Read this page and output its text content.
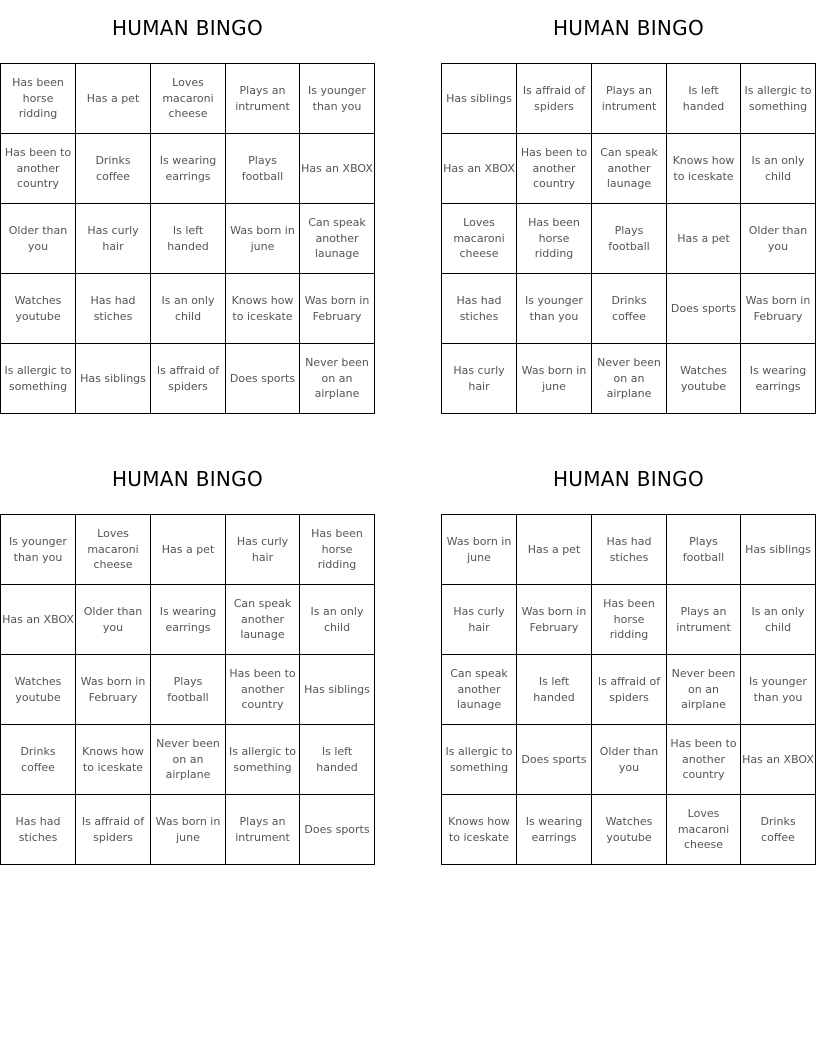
HUMAN BINGO
Has been horse ridding
Has a pet
Loves macaroni cheese
Plays an intrument
Is younger than you
Has been to another country
Drinks coffee
Is wearing earrings
Plays football
Has an XBOX
Older than you
Has curly hair
Is left handed
Was born in june
Can speak another launage
Watches youtube
Has had stiches
Is an only child
Knows how to iceskate
Was born in February
Is allergic to something
Has siblings
Is affraid of spiders
Does sports
Never been on an airplane
HUMAN BINGO
Has siblings
Is affraid of spiders
Plays an intrument
Is left handed
Is allergic to something
Has an XBOX
Has been to another country
Can speak another launage
Knows how to iceskate
Is an only child
Loves macaroni cheese
Has been horse ridding
Plays football
Has a pet
Older than you
Has had stiches
Is younger than you
Drinks coffee
Does sports
Was born in February
Has curly hair
Was born in june
Never been on an airplane
Watches youtube
Is wearing earrings
HUMAN BINGO
Is younger than you
Loves macaroni cheese
Has a pet
Has curly hair
Has been horse ridding
Has an XBOX
Older than you
Is wearing earrings
Can speak another launage
Is an only child
Watches youtube
Was born in February
Plays football
Has been to another country
Has siblings
Drinks coffee
Knows how to iceskate
Never been on an airplane
Is allergic to something
Is left handed
Has had stiches
Is affraid of spiders
Was born in june
Plays an intrument
Does sports
HUMAN BINGO
Was born in june
Has a pet
Has had stiches
Plays football
Has siblings
Has curly hair
Was born in February
Has been horse ridding
Plays an intrument
Is an only child
Can speak another launage
Is left handed
Is affraid of spiders
Never been on an airplane
Is younger than you
Is allergic to something
Does sports
Older than you
Has been to another country
Has an XBOX
Knows how to iceskate
Is wearing earrings
Watches youtube
Loves macaroni cheese
Drinks coffee
